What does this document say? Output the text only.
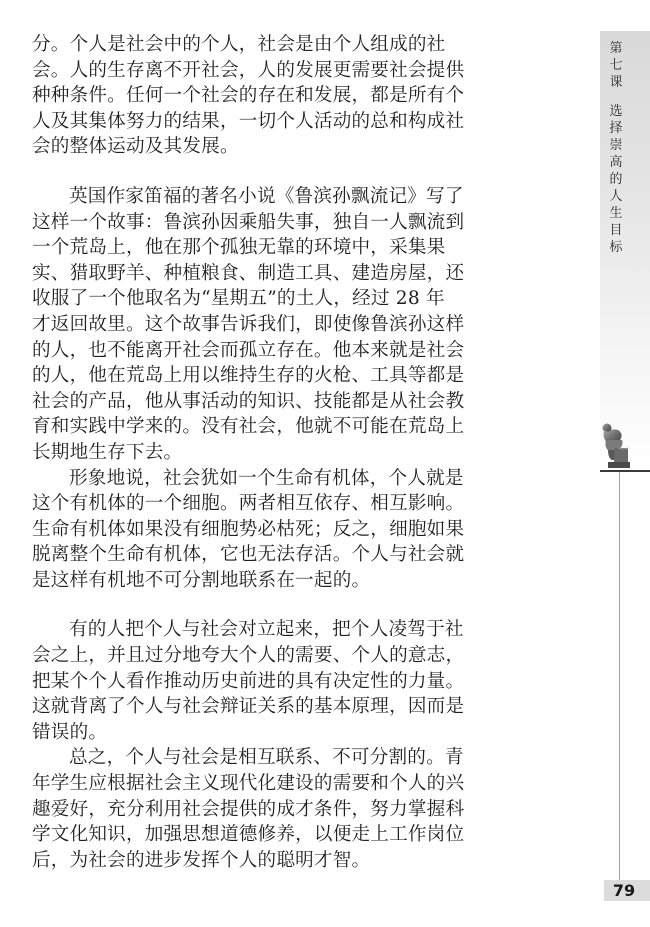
分。个人是社会中的个人，社会是由个人组成的社
会。人的生存离不开社会，人的发展更需要社会提供
种种条件。任何一个社会的存在和发展，都是所有个
人及其集体努力的结果，一切个人活动的总和构成社
会的整体运动及其发展。

英国作家笛福的著名小说《鲁滨孙飘流记》写了
这样一个故事：鲁滨孙因乘船失事，独自一人飘流到
一个荒岛上，他在那个孤独无靠的环境中，采集果
实、猎取野羊、种植粮食、制造工具、建造房屋，还
收服了一个他取名为“星期五”的土人，经过 28 年
才返回故里。这个故事告诉我们，即使像鲁滨孙这样
的人，也不能离开社会而孤立存在。他本来就是社会
的人，他在荒岛上用以维持生存的火枪、工具等都是
社会的产品，他从事活动的知识、技能都是从社会教
育和实践中学来的。没有社会，他就不可能在荒岛上
长期地生存下去。

形象地说，社会犹如一个生命有机体，个人就是
这个有机体的一个细胞。两者相互依存、相互影响。
生命有机体如果没有细胞势必枯死；反之，细胞如果
脱离整个生命有机体，它也无法存活。个人与社会就
是这样有机地不可分割地联系在一起的。

有的人把个人与社会对立起来，把个人凌驾于社
会之上，并且过分地夸大个人的需要、个人的意志，
把某个个人看作推动历史前进的具有决定性的力量。
这就背离了个人与社会辩证关系的基本原理，因而是
错误的。

总之，个人与社会是相互联系、不可分割的。青
年学生应根据社会主义现代化建设的需要和个人的兴
趣爱好，充分利用社会提供的成才条件，努力掌握科
学文化知识，加强思想道德修养，以便走上工作岗位
后，为社会的进步发挥个人的聪明才智。

第
七
课
选
择
崇
高
的
人
生
目
标
79
